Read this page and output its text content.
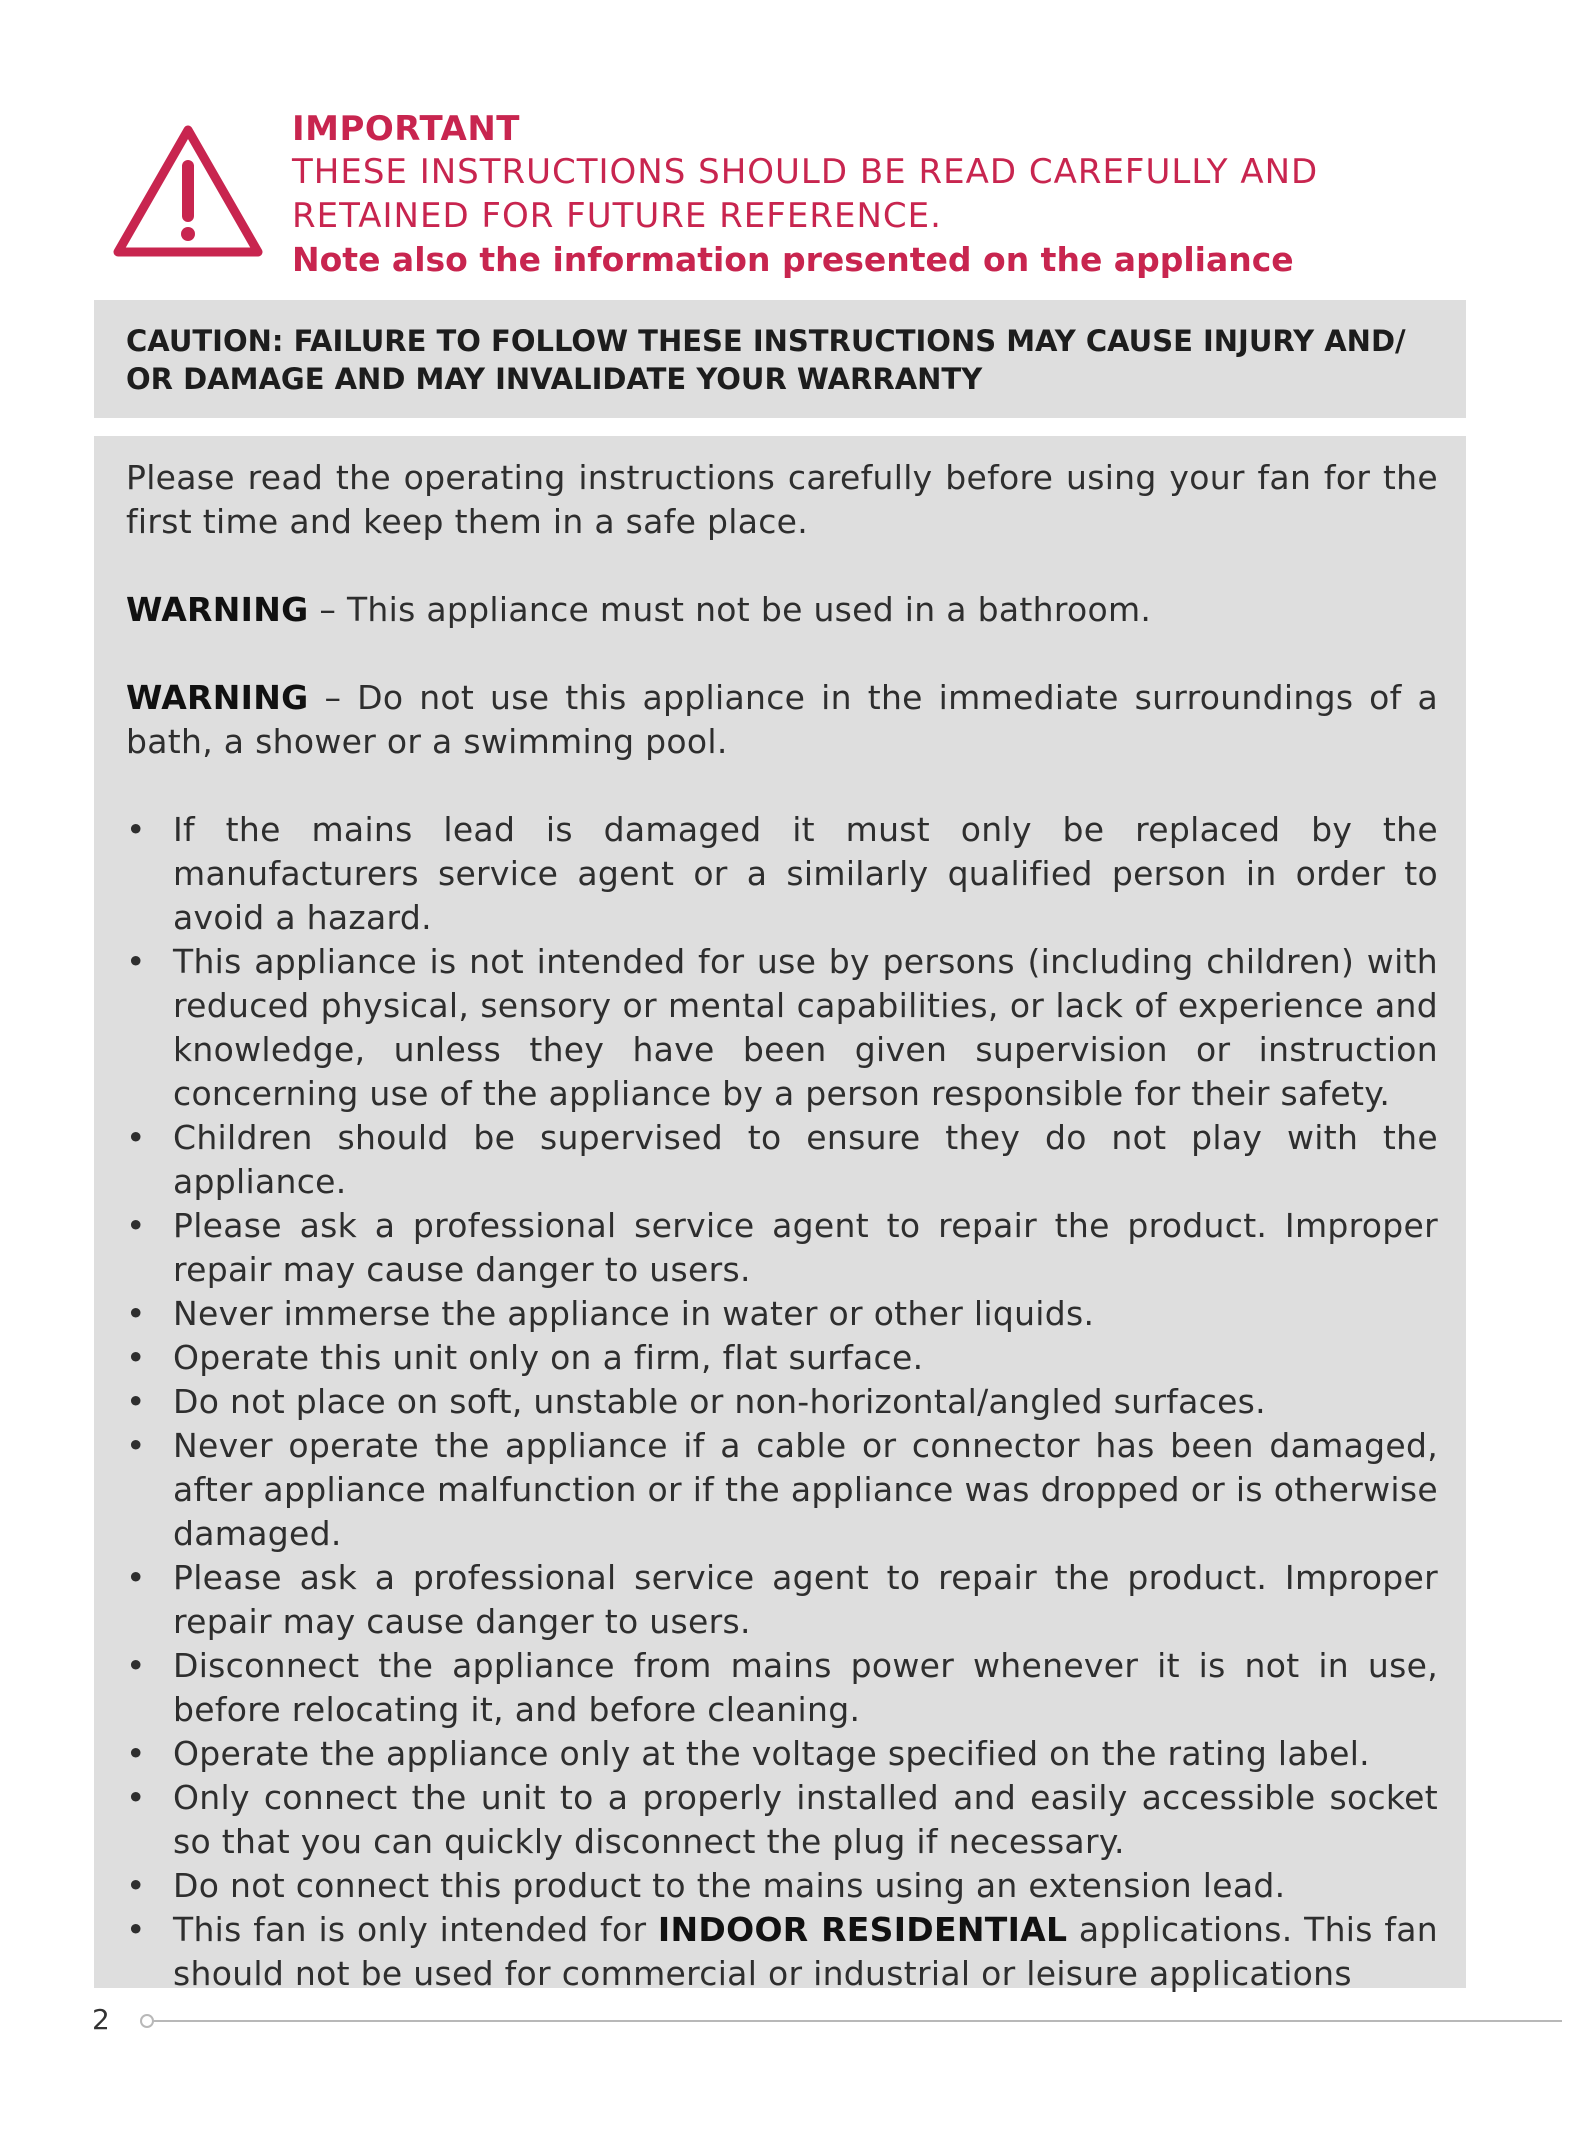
IMPORTANT
THESE INSTRUCTIONS SHOULD BE READ CAREFULLY AND
RETAINED FOR FUTURE REFERENCE.
Note also the information presented on the appliance
CAUTION: FAILURE TO FOLLOW THESE INSTRUCTIONS MAY CAUSE INJURY AND/ OR DAMAGE AND MAY INVALIDATE YOUR WARRANTY

Please read the operating instructions carefully before using your fan for the first time and keep them in a safe place.

WARNING – This appliance must not be used in a bathroom.

WARNING – Do not use this appliance in the immediate surroundings of a bath, a shower or a swimming pool.

• If the mains lead is damaged it must only be replaced by the manufacturers service agent or a similarly qualified person in order to avoid a hazard.
• This appliance is not intended for use by persons (including children) with reduced physical, sensory or mental capabilities, or lack of experience and knowledge, unless they have been given supervision or instruction concerning use of the appliance by a person responsible for their safety.
• Children should be supervised to ensure they do not play with the appliance.
• Please ask a professional service agent to repair the product. Improper repair may cause danger to users.
• Never immerse the appliance in water or other liquids.
• Operate this unit only on a firm, flat surface.
• Do not place on soft, unstable or non-horizontal/angled surfaces.
• Never operate the appliance if a cable or connector has been damaged, after appliance malfunction or if the appliance was dropped or is otherwise damaged.
• Please ask a professional service agent to repair the product. Improper repair may cause danger to users.
• Disconnect the appliance from mains power whenever it is not in use, before relocating it, and before cleaning.
• Operate the appliance only at the voltage specified on the rating label.
• Only connect the unit to a properly installed and easily accessible socket so that you can quickly disconnect the plug if necessary.
• Do not connect this product to the mains using an extension lead.
• This fan is only intended for INDOOR RESIDENTIAL applications. This fan should not be used for commercial or industrial or leisure applications
2
